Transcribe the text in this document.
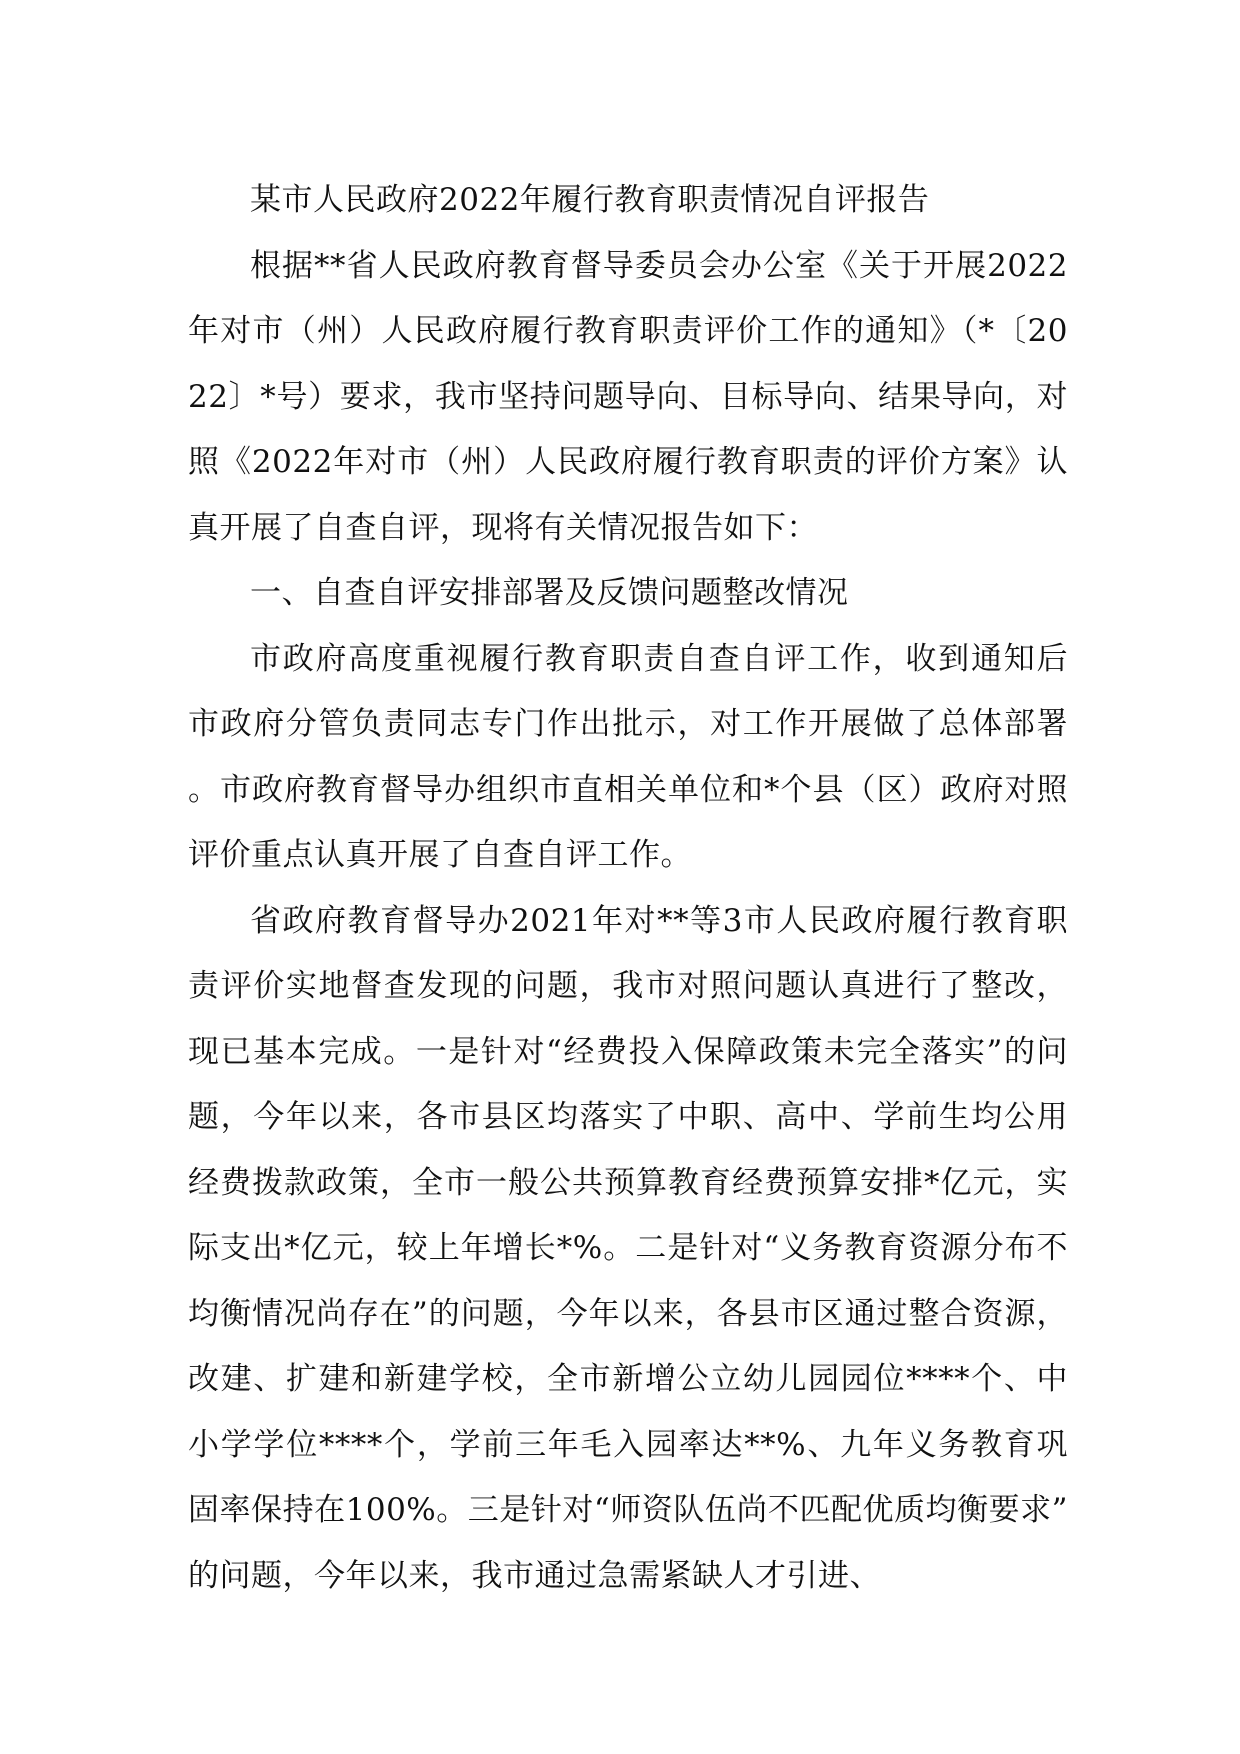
某市人民政府2022年履行教育职责情况自评报告

根据**省人民政府教育督导委员会办公室《关于开展2022年对市（州）人民政府履行教育职责评价工作的通知》（*〔2022〕*号）要求，我市坚持问题导向、目标导向、结果导向，对照《2022年对市（州）人民政府履行教育职责的评价方案》认真开展了自查自评，现将有关情况报告如下：

一、自查自评安排部署及反馈问题整改情况

市政府高度重视履行教育职责自查自评工作，收到通知后市政府分管负责同志专门作出批示，对工作开展做了总体部署。市政府教育督导办组织市直相关单位和*个县（区）政府对照评价重点认真开展了自查自评工作。

省政府教育督导办2021年对**等3市人民政府履行教育职责评价实地督查发现的问题，我市对照问题认真进行了整改，现已基本完成。一是针对“经费投入保障政策未完全落实”的问题，今年以来，各市县区均落实了中职、高中、学前生均公用经费拨款政策，全市一般公共预算教育经费预算安排*亿元，实际支出*亿元，较上年增长*%。二是针对“义务教育资源分布不均衡情况尚存在”的问题，今年以来，各县市区通过整合资源，改建、扩建和新建学校，全市新增公立幼儿园园位****个、中小学学位****个，学前三年毛入园率达**%、九年义务教育巩固率保持在100%。三是针对“师资队伍尚不匹配优质均衡要求”的问题，今年以来，我市通过急需紧缺人才引进、
